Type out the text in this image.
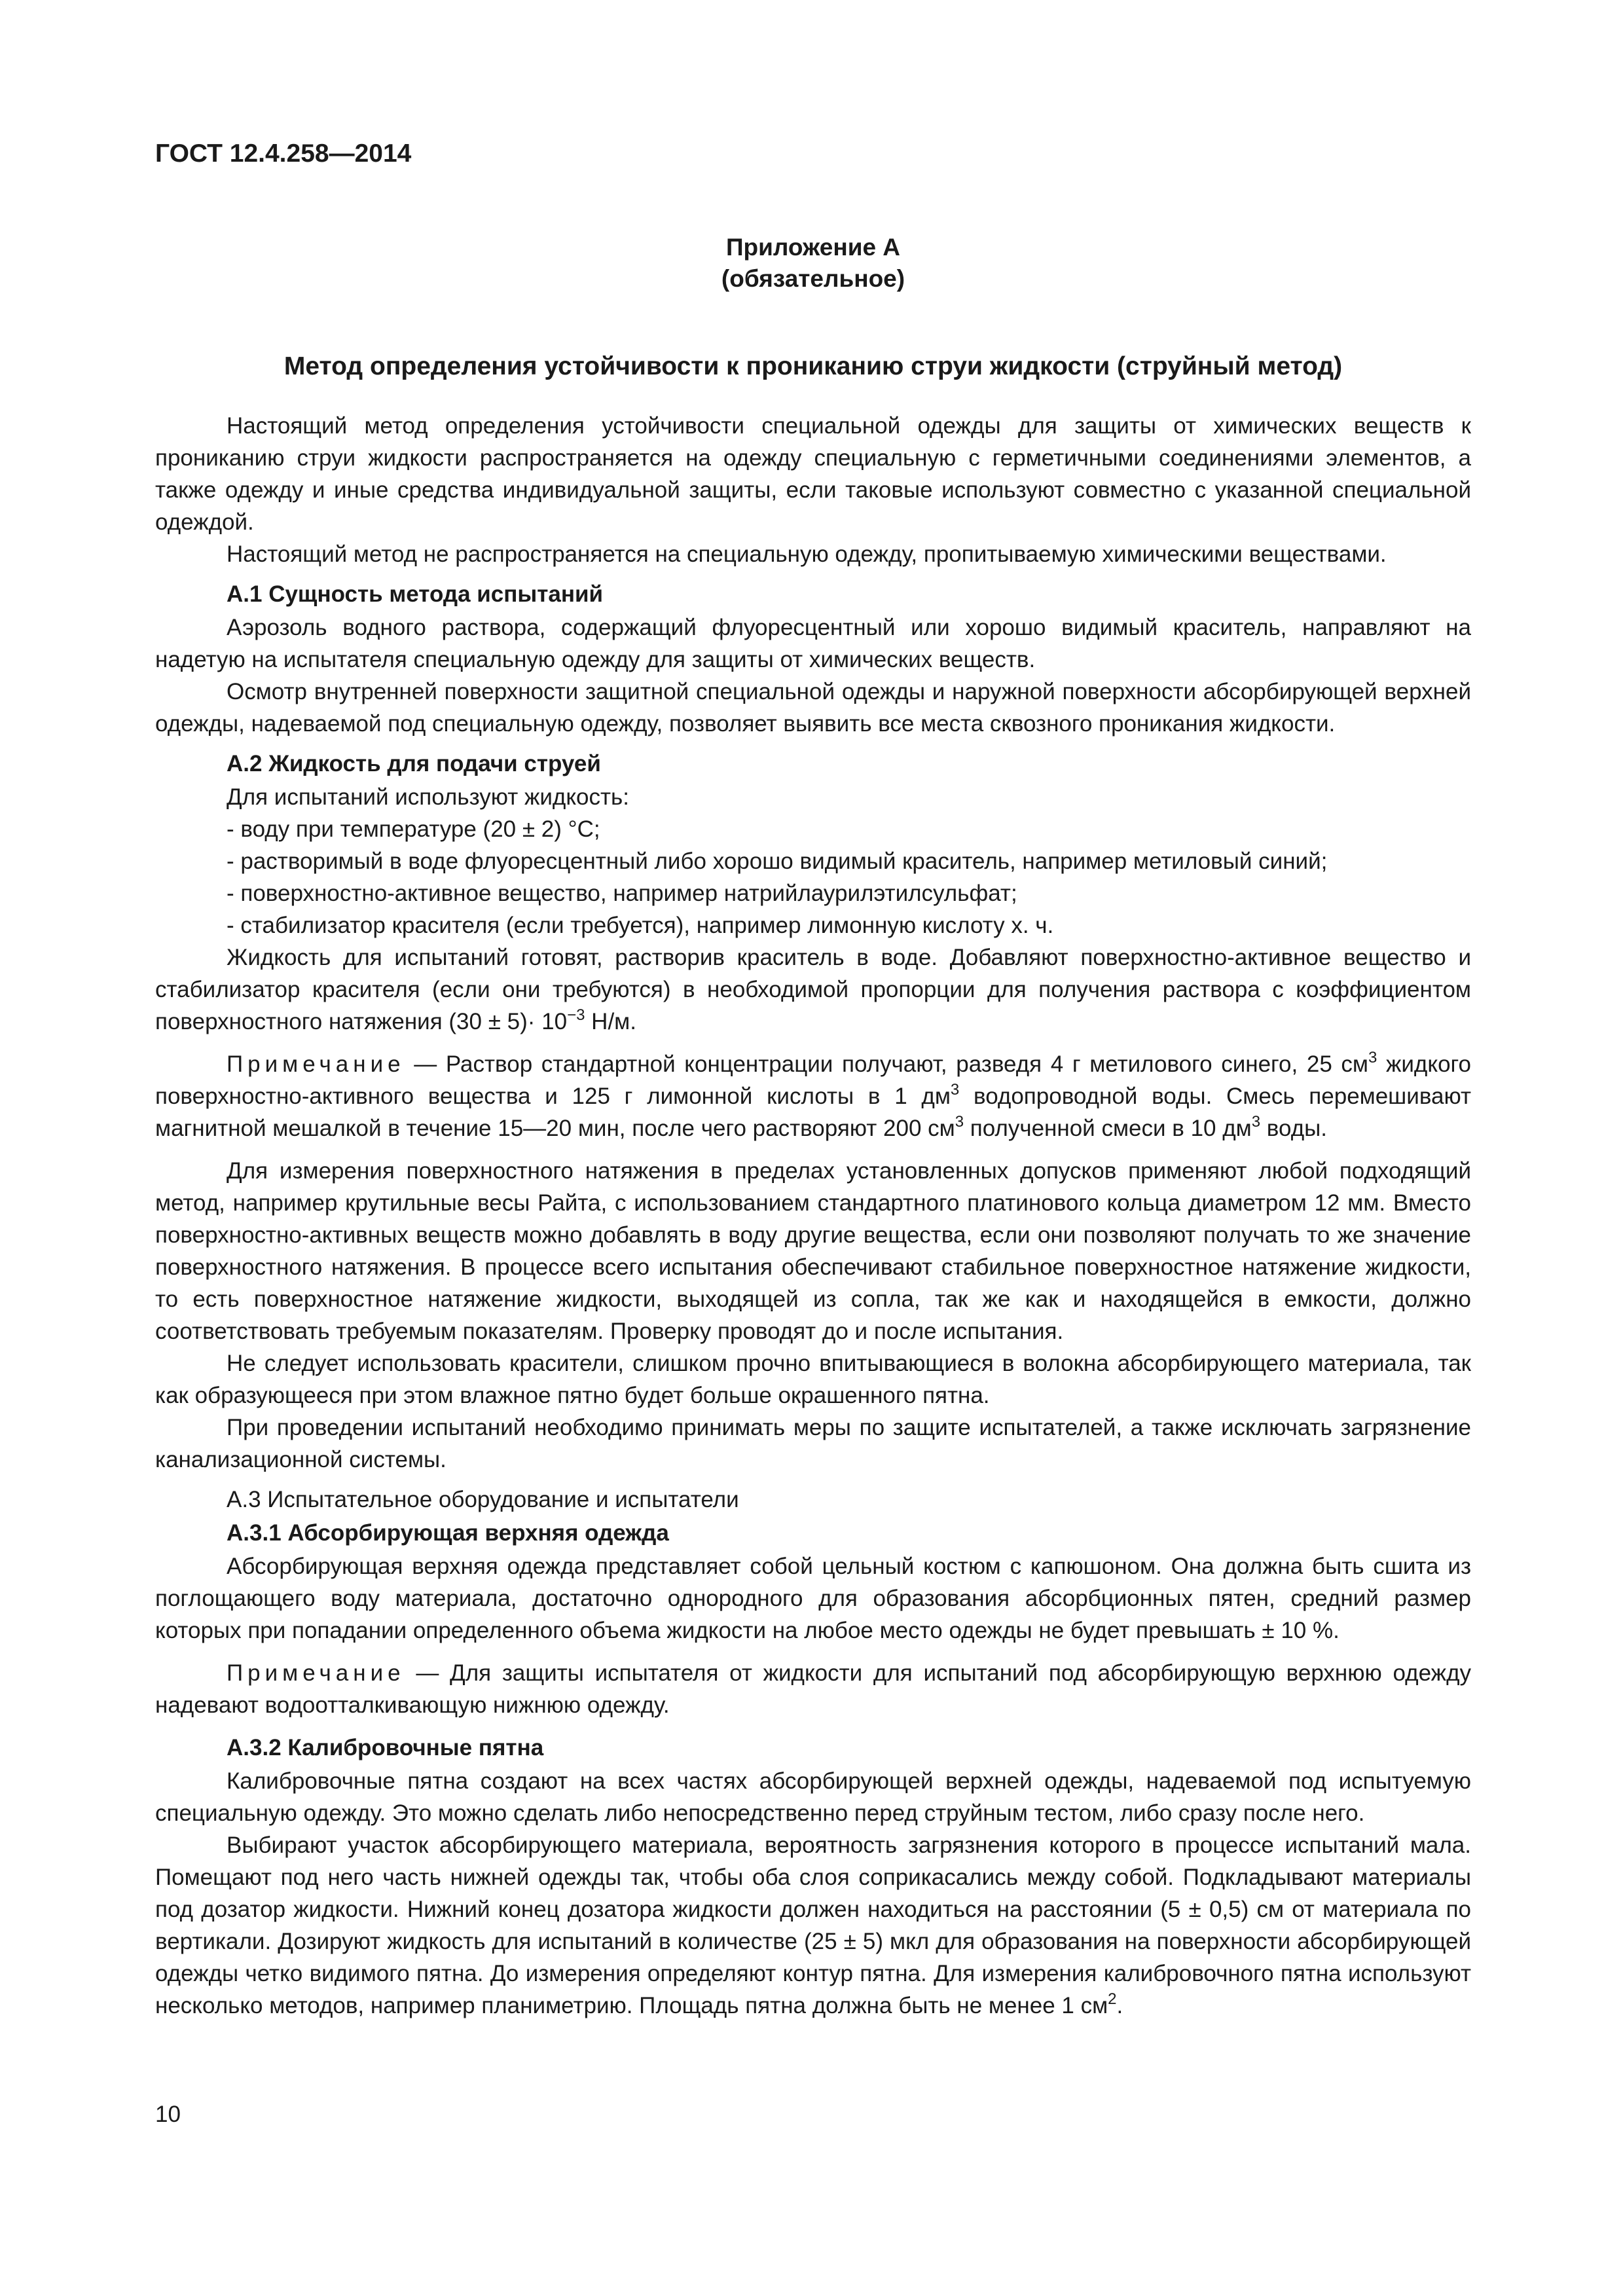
ГОСТ 12.4.258—2014
Приложение А
(обязательное)
Метод определения устойчивости к прониканию струи жидкости (струйный метод)

Настоящий метод определения устойчивости специальной одежды для защиты от химических веществ к прониканию струи жидкости распространяется на одежду специальную с герметичными соединениями элементов, а также одежду и иные средства индивидуальной защиты, если таковые используют совместно с указанной специальной одеждой.

Настоящий метод не распространяется на специальную одежду, пропитываемую химическими веществами.

А.1 Сущность метода испытаний

Аэрозоль водного раствора, содержащий флуоресцентный или хорошо видимый краситель, направляют на надетую на испытателя специальную одежду для защиты от химических веществ.

Осмотр внутренней поверхности защитной специальной одежды и наружной поверхности абсорбирующей верхней одежды, надеваемой под специальную одежду, позволяет выявить все места сквозного проникания жидкости.

А.2 Жидкость для подачи струей

Для испытаний используют жидкость:

- воду при температуре (20 ± 2) °С;
- растворимый в воде флуоресцентный либо хорошо видимый краситель, например метиловый синий;
- поверхностно-активное вещество, например натрийлаурилэтилсульфат;
- стабилизатор красителя (если требуется), например лимонную кислоту х. ч.

Жидкость для испытаний готовят, растворив краситель в воде. Добавляют поверхностно-активное вещество и стабилизатор красителя (если они требуются) в необходимой пропорции для получения раствора с коэффициентом поверхностного натяжения $(30 \pm 5)\cdot 10^{-3}$ Н/м.

Примечание — Раствор стандартной концентрации получают, разведя 4 г метилового синего, 25 $см^3$ жидкого поверхностно-активного вещества и 125 г лимонной кислоты в 1 $дм^3$ водопроводной воды. Смесь перемешивают магнитной мешалкой в течение 15—20 мин, после чего растворяют 200 $см^3$ полученной смеси в 10 $дм^3$ воды.

Для измерения поверхностного натяжения в пределах установленных допусков применяют любой подходящий метод, например крутильные весы Райта, с использованием стандартного платинового кольца диаметром 12 мм. Вместо поверхностно-активных веществ можно добавлять в воду другие вещества, если они позволяют получать то же значение поверхностного натяжения. В процессе всего испытания обеспечивают стабильное поверхностное натяжение жидкости, то есть поверхностное натяжение жидкости, выходящей из сопла, так же как и находящейся в емкости, должно соответствовать требуемым показателям. Проверку проводят до и после испытания.

Не следует использовать красители, слишком прочно впитывающиеся в волокна абсорбирующего материала, так как образующееся при этом влажное пятно будет больше окрашенного пятна.

При проведении испытаний необходимо принимать меры по защите испытателей, а также исключать загрязнение канализационной системы.

А.3 Испытательное оборудование и испытатели

А.3.1 Абсорбирующая верхняя одежда

Абсорбирующая верхняя одежда представляет собой цельный костюм с капюшоном. Она должна быть сшита из поглощающего воду материала, достаточно однородного для образования абсорбционных пятен, средний размер которых при попадании определенного объема жидкости на любое место одежды не будет превышать ± 10 %.

Примечание — Для защиты испытателя от жидкости для испытаний под абсорбирующую верхнюю одежду надевают водоотталкивающую нижнюю одежду.

А.3.2 Калибровочные пятна

Калибровочные пятна создают на всех частях абсорбирующей верхней одежды, надеваемой под испытуемую специальную одежду. Это можно сделать либо непосредственно перед струйным тестом, либо сразу после него.

Выбирают участок абсорбирующего материала, вероятность загрязнения которого в процессе испытаний мала. Помещают под него часть нижней одежды так, чтобы оба слоя соприкасались между собой. Подкладывают материалы под дозатор жидкости. Нижний конец дозатора жидкости должен находиться на расстоянии (5 ± 0,5) см от материала по вертикали. Дозируют жидкость для испытаний в количестве (25 ± 5) мкл для образования на поверхности абсорбирующей одежды четко видимого пятна. До измерения определяют контур пятна. Для измерения калибровочного пятна используют несколько методов, например планиметрию. Площадь пятна должна быть не менее 1 $см^2$.

10
